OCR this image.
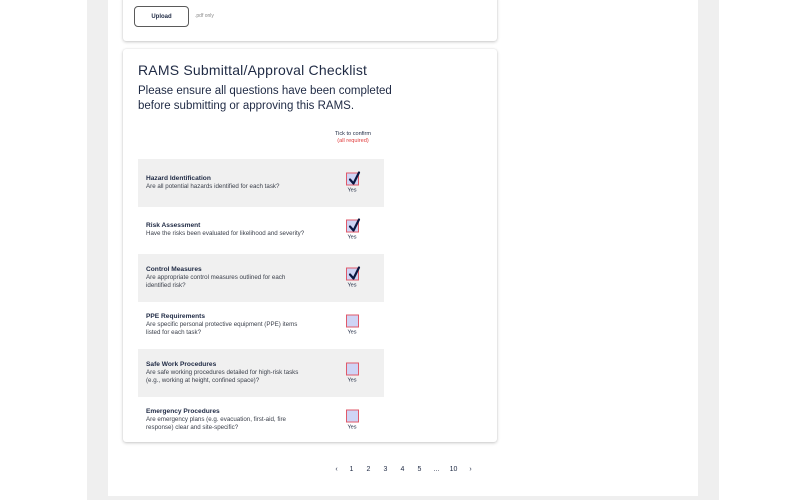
Upload	.pdf only
RAMS Submittal/Approval Checklist
Please ensure all questions have been completed before submitting or approving this RAMS.
Tick to confirm
(all required)
Hazard Identification
Are all potential hazards identified for each task?
Yes
Risk Assessment
Have the risks been evaluated for likelihood and severity?
Yes
Control Measures
Are appropriate control measures outlined for each identified risk?	Yes
PPE Requirements
Are specific personal protective equipment (PPE) items listed for each task?	Yes
Safe Work Procedures
Are safe working procedures detailed for high-risk tasks (e.g., working at height, confined space)?	Yes
Emergency Procedures
Are emergency plans (e.g. evacuation, first-aid, fire response) clear and site-specific?	Yes
‹	1	2	3	4	5	...	10	›
